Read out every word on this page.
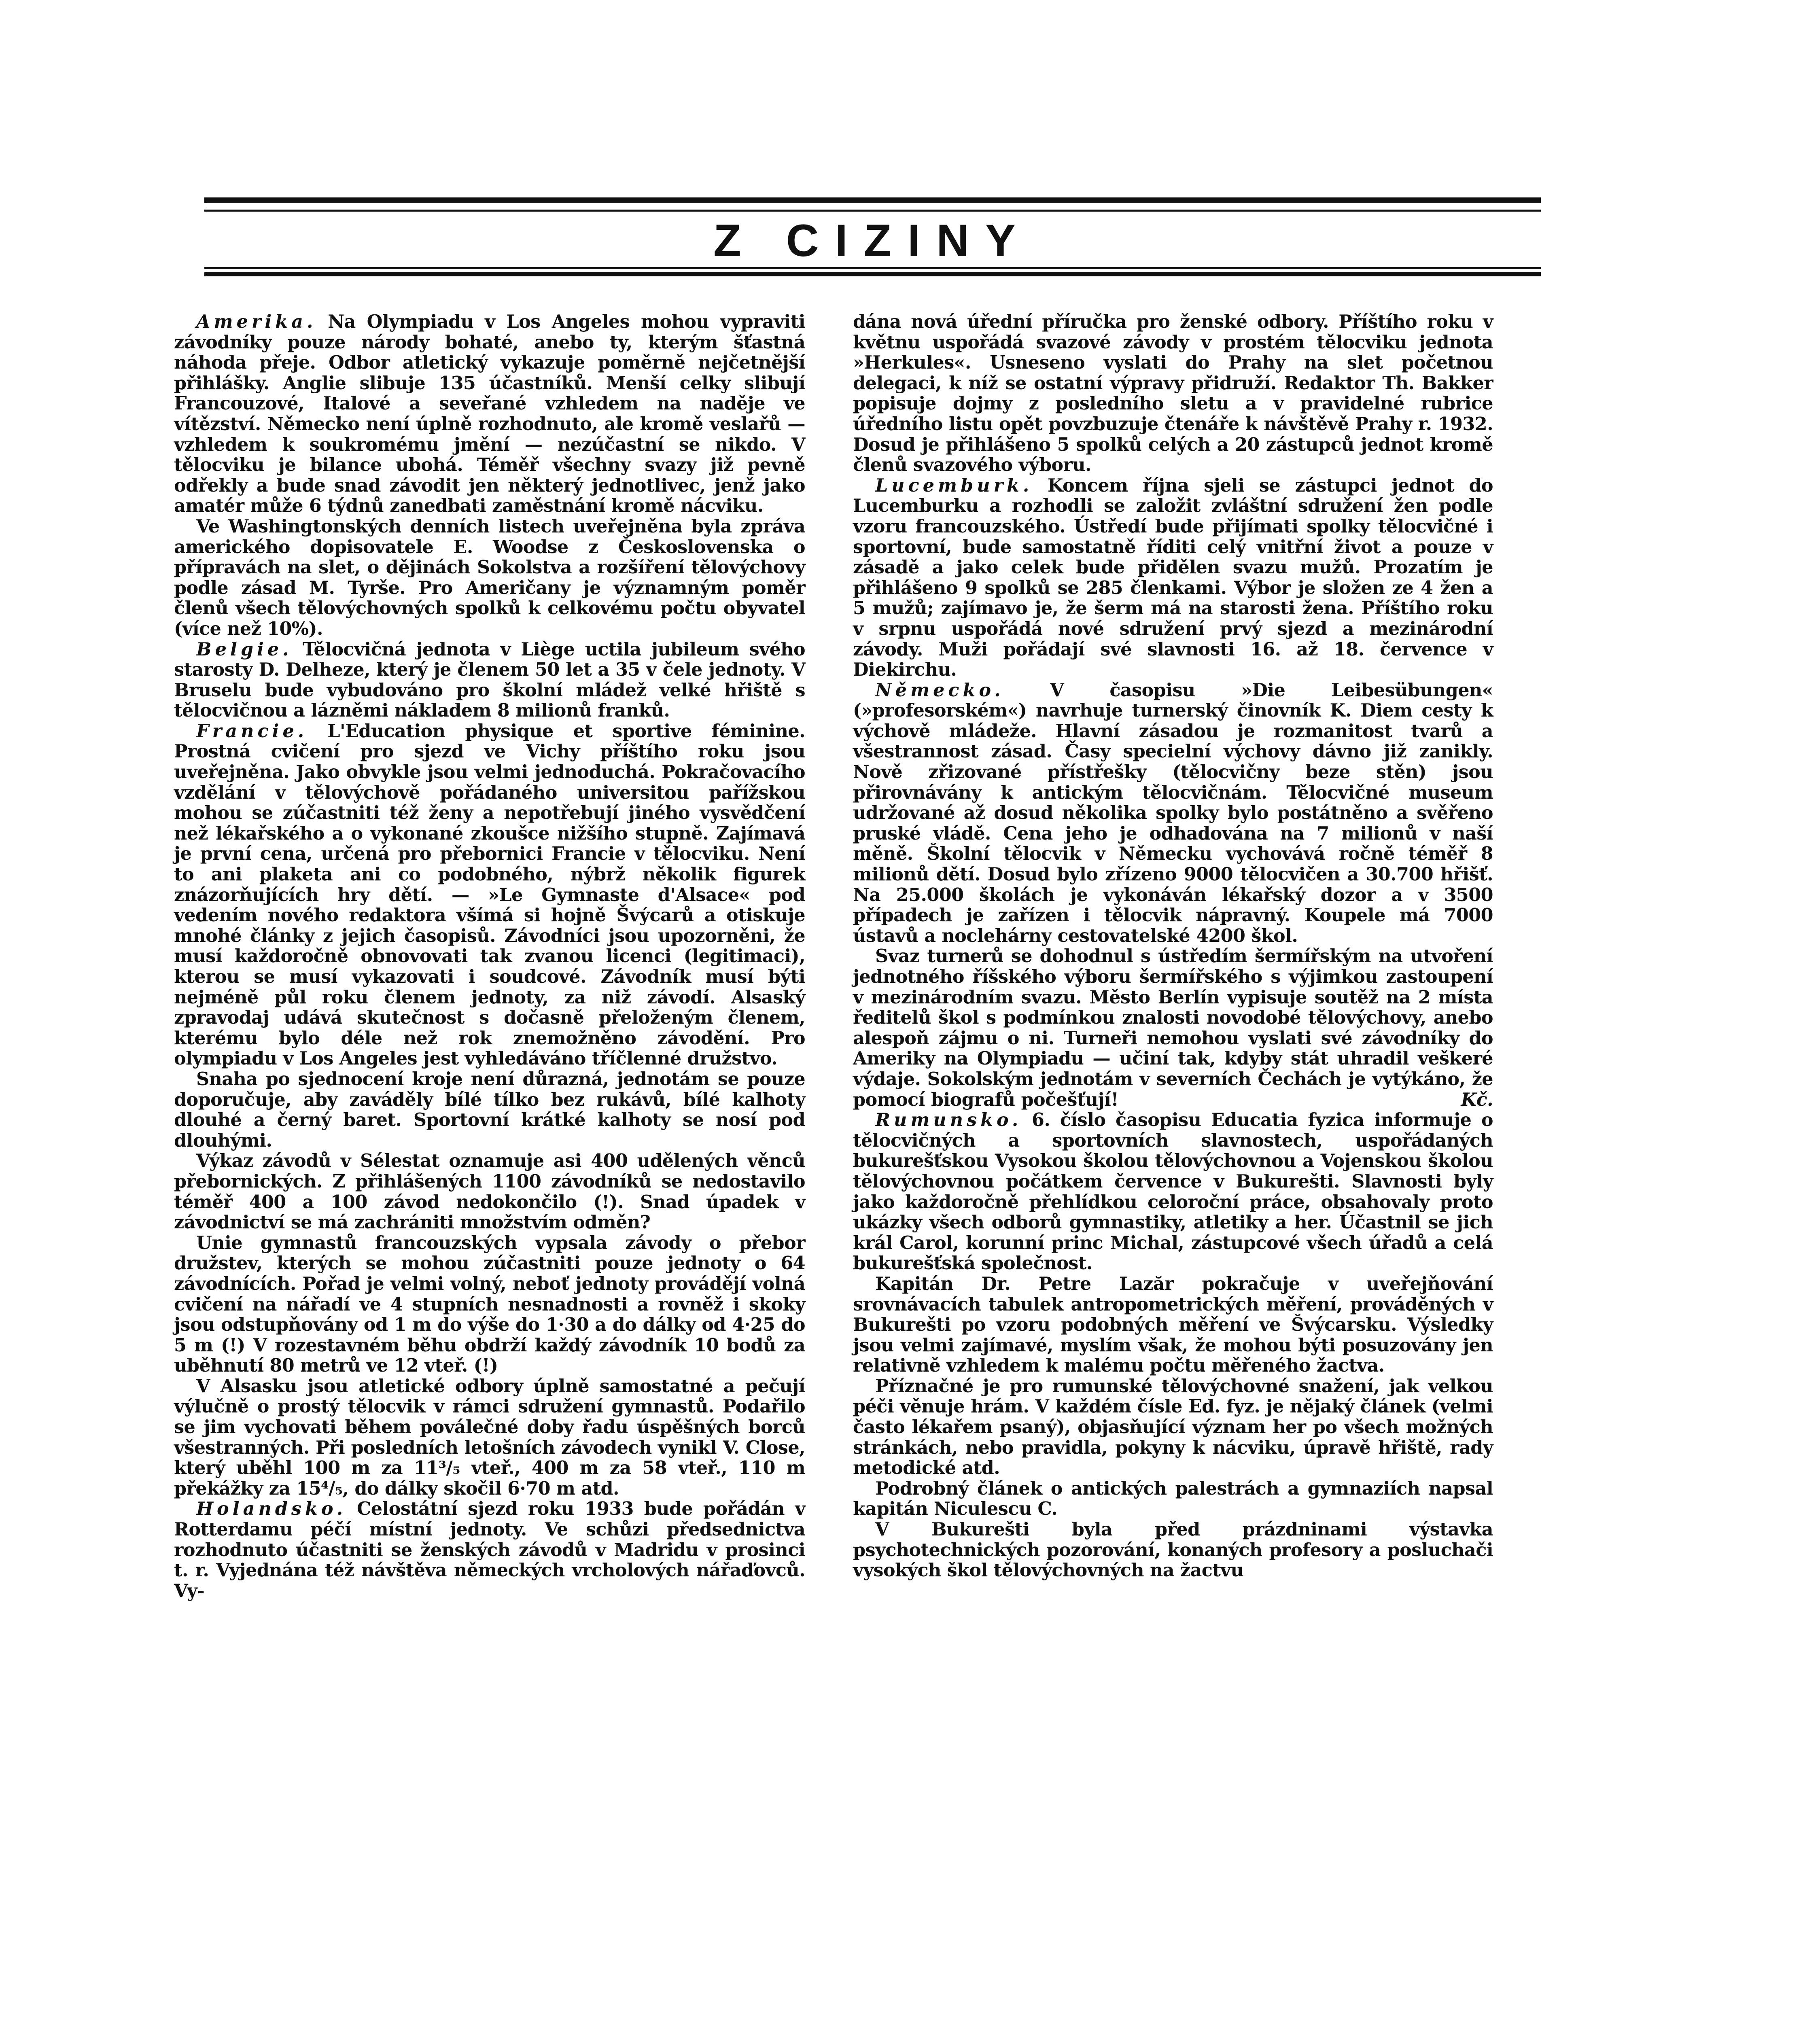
Z CIZINY

Amerika. Na Olympiadu v Los Angeles mohou vypraviti závodníky pouze národy bohaté, anebo ty, kterým šťastná náhoda přeje. Odbor atletický vykazuje poměrně nejčetnější přihlášky. Anglie slibuje 135 účastníků. Menší celky slibují Francouzové, Italové a seveřané vzhledem na naděje ve vítězství. Německo není úplně rozhodnuto, ale kromě veslařů — vzhledem k soukromému jmění — nezúčastní se nikdo. V tělocviku je bilance ubohá. Téměř všechny svazy již pevně odřekly a bude snad závodit jen některý jednotlivec, jenž jako amatér může 6 týdnů zanedbati zaměstnání kromě nácviku.

Ve Washingtonských denních listech uveřejněna byla zpráva amerického dopisovatele E. Woodse z Československa o přípravách na slet, o dějinách Sokolstva a rozšíření tělovýchovy podle zásad M. Tyrše. Pro Američany je významným poměr členů všech tělovýchovných spolků k celkovému počtu obyvatel (více než 10%).

Belgie. Tělocvičná jednota v Liège uctila jubileum svého starosty D. Delheze, který je členem 50 let a 35 v čele jednoty. V Bruselu bude vybudováno pro školní mládež velké hřiště s tělocvičnou a lázněmi nákladem 8 milionů franků.

Francie. L'Education physique et sportive féminine. Prostná cvičení pro sjezd ve Vichy příštího roku jsou uveřejněna. Jako obvykle jsou velmi jednoduchá. Pokračovacího vzdělání v tělovýchově pořádaného universitou pařížskou mohou se zúčastniti též ženy a nepotřebují jiného vysvědčení než lékařského a o vykonané zkoušce nižšího stupně. Zajímavá je první cena, určená pro přebornici Francie v tělocviku. Není to ani plaketa ani co podobného, nýbrž několik figurek znázorňujících hry dětí. — »Le Gymnaste d'Alsace« pod vedením nového redaktora všímá si hojně Švýcarů a otiskuje mnohé články z jejich časopisů. Závodníci jsou upozorněni, že musí každoročně obnovovati tak zvanou licenci (legitimaci), kterou se musí vykazovati i soudcové. Závodník musí býti nejméně půl roku členem jednoty, za niž závodí. Alsaský zpravodaj udává skutečnost s dočasně přeloženým členem, kterému bylo déle než rok znemožněno závodění. Pro olympiadu v Los Angeles jest vyhledáváno tříčlenné družstvo.

Snaha po sjednocení kroje není důrazná, jednotám se pouze doporučuje, aby zaváděly bílé tílko bez rukávů, bílé kalhoty dlouhé a černý baret. Sportovní krátké kalhoty se nosí pod dlouhými.

Výkaz závodů v Sélestat oznamuje asi 400 udělených věnců přebornických. Z přihlášených 1100 závodníků se nedostavilo téměř 400 a 100 závod nedokončilo (!). Snad úpadek v závodnictví se má zachrániti množstvím odměn?

Unie gymnastů francouzských vypsala závody o přebor družstev, kterých se mohou zúčastniti pouze jednoty o 64 závodnících. Pořad je velmi volný, neboť jednoty provádějí volná cvičení na nářadí ve 4 stupních nesnadnosti a rovněž i skoky jsou odstupňovány od 1 m do výše do 1·30 a do dálky od 4·25 do 5 m (!) V rozestavném běhu obdrží každý závodník 10 bodů za uběhnutí 80 metrů ve 12 vteř. (!)

V Alsasku jsou atletické odbory úplně samostatné a pečují výlučně o prostý tělocvik v rámci sdružení gymnastů. Podařilo se jim vychovati během poválečné doby řadu úspěšných borců všestranných. Při posledních letošních závodech vynikl V. Close, který uběhl 100 m za 11³/₅ vteř., 400 m za 58 vteř., 110 m překážky za 15⁴/₅, do dálky skočil 6·70 m atd.

Holandsko. Celostátní sjezd roku 1933 bude pořádán v Rotterdamu péčí místní jednoty. Ve schůzi předsednictva rozhodnuto účastniti se ženských závodů v Madridu v prosinci t. r. Vyjednána též návštěva německých vrcholových nářaďovců. Vy-

dána nová úřední příručka pro ženské odbory. Příštího roku v květnu uspořádá svazové závody v prostém tělocviku jednota »Herkules«. Usneseno vyslati do Prahy na slet početnou delegaci, k níž se ostatní výpravy přidruží. Redaktor Th. Bakker popisuje dojmy z posledního sletu a v pravidelné rubrice úředního listu opět povzbuzuje čtenáře k návštěvě Prahy r. 1932. Dosud je přihlášeno 5 spolků celých a 20 zástupců jednot kromě členů svazového výboru.

Lucemburk. Koncem října sjeli se zástupci jednot do Lucemburku a rozhodli se založit zvláštní sdružení žen podle vzoru francouzského. Ústředí bude přijímati spolky tělocvičné i sportovní, bude samostatně říditi celý vnitřní život a pouze v zásadě a jako celek bude přidělen svazu mužů. Prozatím je přihlášeno 9 spolků se 285 členkami. Výbor je složen ze 4 žen a 5 mužů; zajímavo je, že šerm má na starosti žena. Příštího roku v srpnu uspořádá nové sdružení prvý sjezd a mezinárodní závody. Muži pořádají své slavnosti 16. až 18. července v Diekirchu.

Německo. V časopisu »Die Leibesübungen« (»profesorském«) navrhuje turnerský činovník K. Diem cesty k výchově mládeže. Hlavní zásadou je rozmanitost tvarů a všestrannost zásad. Časy specielní výchovy dávno již zanikly. Nově zřizované přístřešky (tělocvičny beze stěn) jsou přirovnávány k antickým tělocvičnám. Tělocvičné museum udržované až dosud několika spolky bylo postátněno a svěřeno pruské vládě. Cena jeho je odhadována na 7 milionů v naší měně. Školní tělocvik v Německu vychovává ročně téměř 8 milionů dětí. Dosud bylo zřízeno 9000 tělocvičen a 30.700 hřišť. Na 25.000 školách je vykonáván lékařský dozor a v 3500 případech je zařízen i tělocvik nápravný. Koupele má 7000 ústavů a noclehárny cestovatelské 4200 škol.

Svaz turnerů se dohodnul s ústředím šermířským na utvoření jednotného říšského výboru šermířského s výjimkou zastoupení v mezinárodním svazu. Město Berlín vypisuje soutěž na 2 místa ředitelů škol s podmínkou znalosti novodobé tělovýchovy, anebo alespoň zájmu o ni. Turneři nemohou vyslati své závodníky do Ameriky na Olympiadu — učiní tak, kdyby stát uhradil veškeré výdaje. Sokolským jednotám v severních Čechách je vytýkáno, že pomocí biografů počešťují!	Kč.

Rumunsko. 6. číslo časopisu Educatia fyzica informuje o tělocvičných a sportovních slavnostech, uspořádaných bukurešťskou Vysokou školou tělovýchovnou a Vojenskou školou tělovýchovnou počátkem července v Bukurešti. Slavnosti byly jako každoročně přehlídkou celoroční práce, obsahovaly proto ukázky všech odborů gymnastiky, atletiky a her. Účastnil se jich král Carol, korunní princ Michal, zástupcové všech úřadů a celá bukurešťská společnost.

Kapitán Dr. Petre Lazăr pokračuje v uveřejňování srovnávacích tabulek antropometrických měření, prováděných v Bukurešti po vzoru podobných měření ve Švýcarsku. Výsledky jsou velmi zajímavé, myslím však, že mohou býti posuzovány jen relativně vzhledem k malému počtu měřeného žactva.

Příznačné je pro rumunské tělovýchovné snažení, jak velkou péči věnuje hrám. V každém čísle Ed. fyz. je nějaký článek (velmi často lékařem psaný), objasňující význam her po všech možných stránkách, nebo pravidla, pokyny k nácviku, úpravě hřiště, rady metodické atd.

Podrobný článek o antických palestrách a gymnaziích napsal kapitán Niculescu C.

V Bukurešti byla před prázdninami výstavka psychotechnických pozorování, konaných profesory a posluchači vysokých škol tělovýchovných na žactvu
